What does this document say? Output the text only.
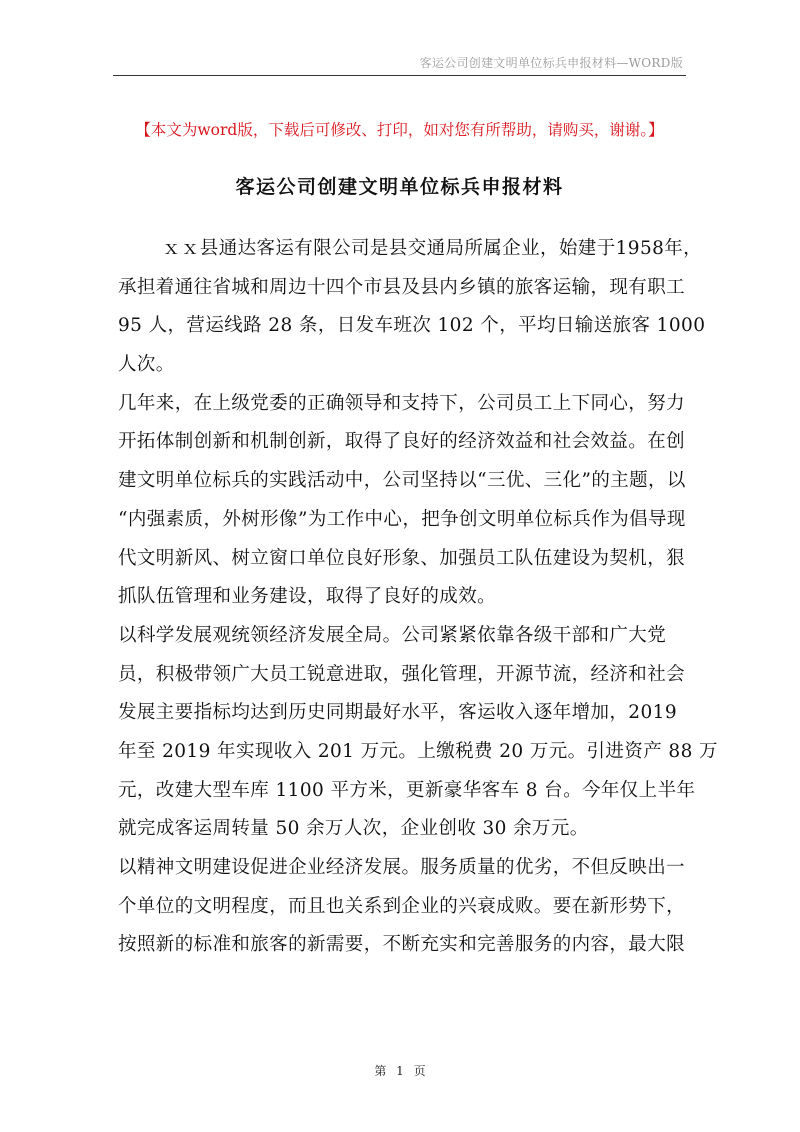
客运公司创建文明单位标兵申报材料—WORD版
【本文为word版，下载后可修改、打印，如对您有所帮助，请购买，谢谢。】
客运公司创建文明单位标兵申报材料
ｘｘ县通达客运有限公司是县交通局所属企业，始建于1958年，
承担着通往省城和周边十四个市县及县内乡镇的旅客运输，现有职工
95 人，营运线路 28 条，日发车班次 102 个，平均日输送旅客 1000
人次。
几年来，在上级党委的正确领导和支持下，公司员工上下同心，努力
开拓体制创新和机制创新，取得了良好的经济效益和社会效益。在创
建文明单位标兵的实践活动中，公司坚持以“三优、三化”的主题，以
“内强素质，外树形像”为工作中心，把争创文明单位标兵作为倡导现
代文明新风、树立窗口单位良好形象、加强员工队伍建设为契机，狠
抓队伍管理和业务建设，取得了良好的成效。
以科学发展观统领经济发展全局。公司紧紧依靠各级干部和广大党
员，积极带领广大员工锐意进取，强化管理，开源节流，经济和社会
发展主要指标均达到历史同期最好水平，客运收入逐年增加，2019
年至 2019 年实现收入 201 万元。上缴税费 20 万元。引进资产 88 万
元，改建大型车库 1100 平方米，更新豪华客车 8 台。今年仅上半年
就完成客运周转量 50 余万人次，企业创收 30 余万元。
以精神文明建设促进企业经济发展。服务质量的优劣，不但反映出一
个单位的文明程度，而且也关系到企业的兴衰成败。要在新形势下，
按照新的标准和旅客的新需要，不断充实和完善服务的内容，最大限
第 1 页
